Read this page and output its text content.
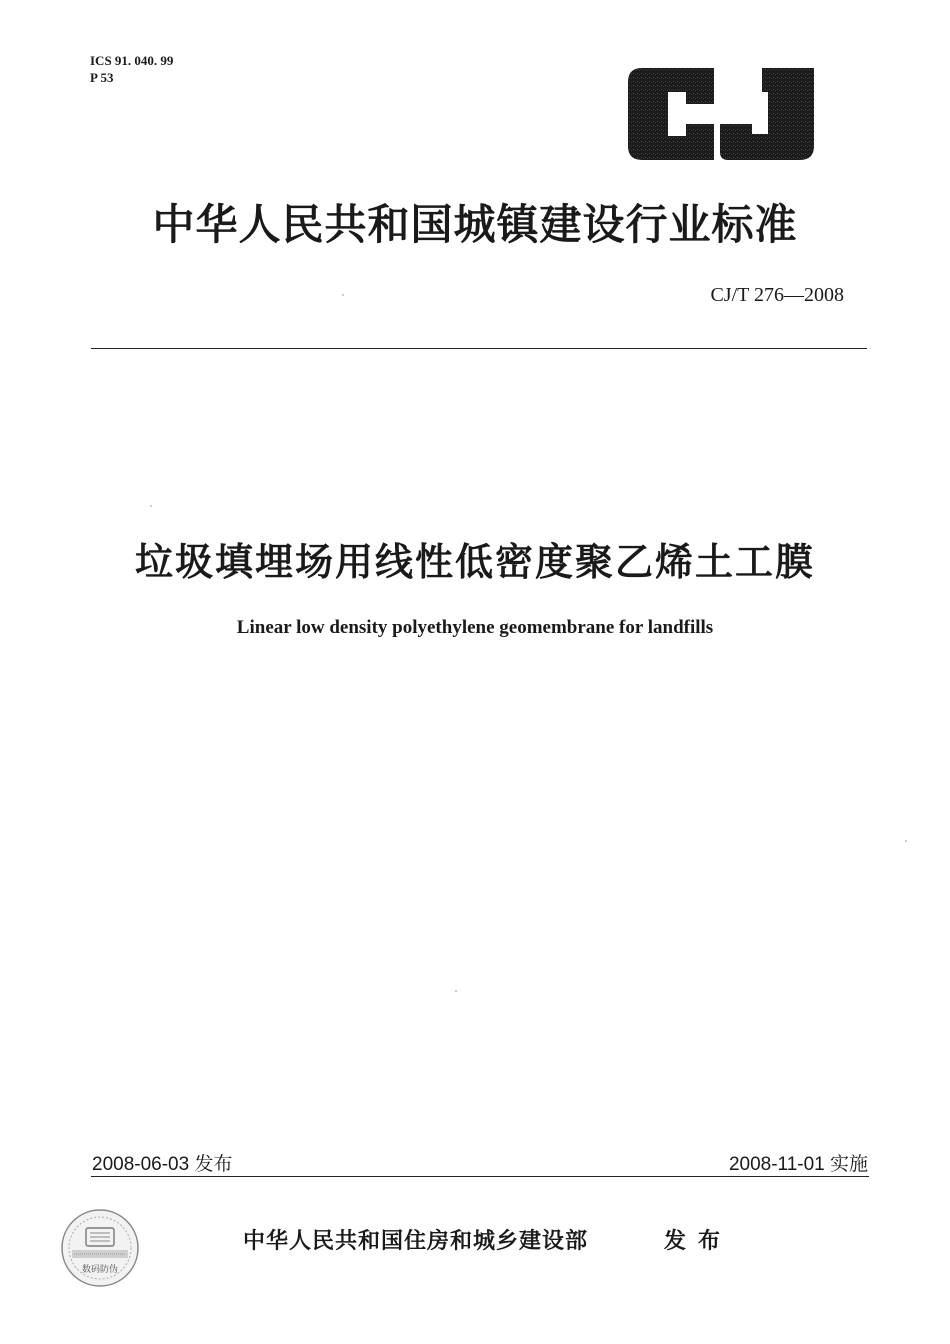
ICS 91. 040. 99
P 53
中华人民共和国城镇建设行业标准
CJ/T 276—2008
垃圾填埋场用线性低密度聚乙烯土工膜
Linear low density polyethylene geomembrane for landfills
2008-06-03 发布	2008-11-01 实施
数码防伪
中华人民共和国住房和城乡建设部	发布
